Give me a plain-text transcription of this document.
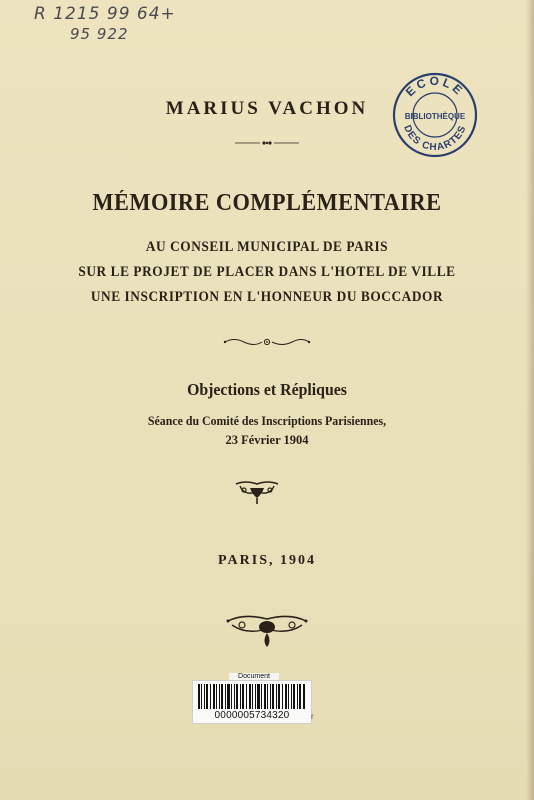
R 1215 99 64+
95 922
ECOLE
BIBLIOTHÈQUE
DES CHARTES
MARIUS VACHON
MÉMOIRE COMPLÉMENTAIRE
AU CONSEIL MUNICIPAL DE PARIS
SUR LE PROJET DE PLACER DANS L'HOTEL DE VILLE
UNE INSCRIPTION EN L'HONNEUR DU BOCCADOR
Objections et Répliques
Séance du Comité des Inscriptions Parisiennes,
23 Février 1904
PARIS, 1904
Document
0000005734320	r
